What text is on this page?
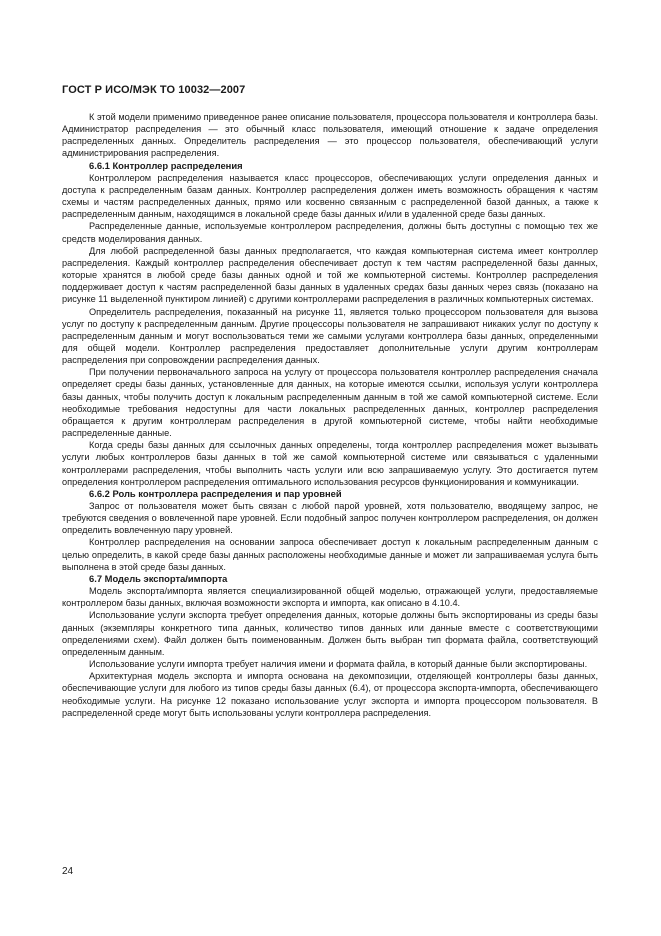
ГОСТ Р ИСО/МЭК ТО 10032—2007

К этой модели применимо приведенное ранее описание пользователя, процессора пользователя и контроллера базы. Администратор распределения — это обычный класс пользователя, имеющий отношение к задаче определения распределенных данных. Определитель распределения — это процессор пользователя, обеспечивающий услуги администрирования распределения.

6.6.1 Контроллер распределения

Контроллером распределения называется класс процессоров, обеспечивающих услуги определения данных и доступа к распределенным базам данных. Контроллер распределения должен иметь возможность обращения к частям схемы и частям распределенных данных, прямо или косвенно связанным с распределенной базой данных, а также к распределенным данным, находящимся в локальной среде базы данных и/или в удаленной среде базы данных.

Распределенные данные, используемые контроллером распределения, должны быть доступны с помощью тех же средств моделирования данных.

Для любой распределенной базы данных предполагается, что каждая компьютерная система имеет контроллер распределения. Каждый контроллер распределения обеспечивает доступ к тем частям распределенной базы данных, которые хранятся в любой среде базы данных одной и той же компьютерной системы. Контроллер распределения поддерживает доступ к частям распределенной базы данных в удаленных средах базы данных через связь (показано на рисунке 11 выделенной пунктиром линией) с другими контроллерами распределения в различных компьютерных системах.

Определитель распределения, показанный на рисунке 11, является только процессором пользователя для вызова услуг по доступу к распределенным данным. Другие процессоры пользователя не запрашивают никаких услуг по доступу к распределенным данным и могут воспользоваться теми же самыми услугами контроллера базы данных, определенными для общей модели. Контроллер распределения предоставляет дополнительные услуги другим контроллерам распределения при сопровождении распределения данных.

При получении первоначального запроса на услугу от процессора пользователя контроллер распределения сначала определяет среды базы данных, установленные для данных, на которые имеются ссылки, используя услуги контроллера базы данных, чтобы получить доступ к локальным распределенным данным в той же самой компьютерной системе. Если необходимые требования недоступны для части локальных распределенных данных, контроллер распределения обращается к другим контроллерам распределения в другой компьютерной системе, чтобы найти необходимые распределенные данные.

Когда среды базы данных для ссылочных данных определены, тогда контроллер распределения может вызывать услуги любых контроллеров базы данных в той же самой компьютерной системе или связываться с удаленными контроллерами распределения, чтобы выполнить часть услуги или всю запрашиваемую услугу. Это достигается путем определения контроллером распределения оптимального использования ресурсов функционирования и коммуникации.

6.6.2 Роль контроллера распределения и пар уровней

Запрос от пользователя может быть связан с любой парой уровней, хотя пользователю, вводящему запрос, не требуются сведения о вовлеченной паре уровней. Если подобный запрос получен контроллером распределения, он должен определить вовлеченную пару уровней.

Контроллер распределения на основании запроса обеспечивает доступ к локальным распределенным данным с целью определить, в какой среде базы данных расположены необходимые данные и может ли запрашиваемая услуга быть выполнена в этой среде базы данных.

6.7 Модель экспорта/импорта

Модель экспорта/импорта является специализированной общей моделью, отражающей услуги, предоставляемые контроллером базы данных, включая возможности экспорта и импорта, как описано в 4.10.4.

Использование услуги экспорта требует определения данных, которые должны быть экспортированы из среды базы данных (экземпляры конкретного типа данных, количество типов данных или данные вместе с соответствующими определениями схем). Файл должен быть поименованным. Должен быть выбран тип формата файла, соответствующий определенным данным.

Использование услуги импорта требует наличия имени и формата файла, в который данные были экспортированы.

Архитектурная модель экспорта и импорта основана на декомпозиции, отделяющей контроллеры базы данных, обеспечивающие услуги для любого из типов среды базы данных (6.4), от процессора экспорта-импорта, обеспечивающего необходимые услуги. На рисунке 12 показано использование услуг экспорта и импорта процессором пользователя. В распределенной среде могут быть использованы услуги контроллера распределения.

24
